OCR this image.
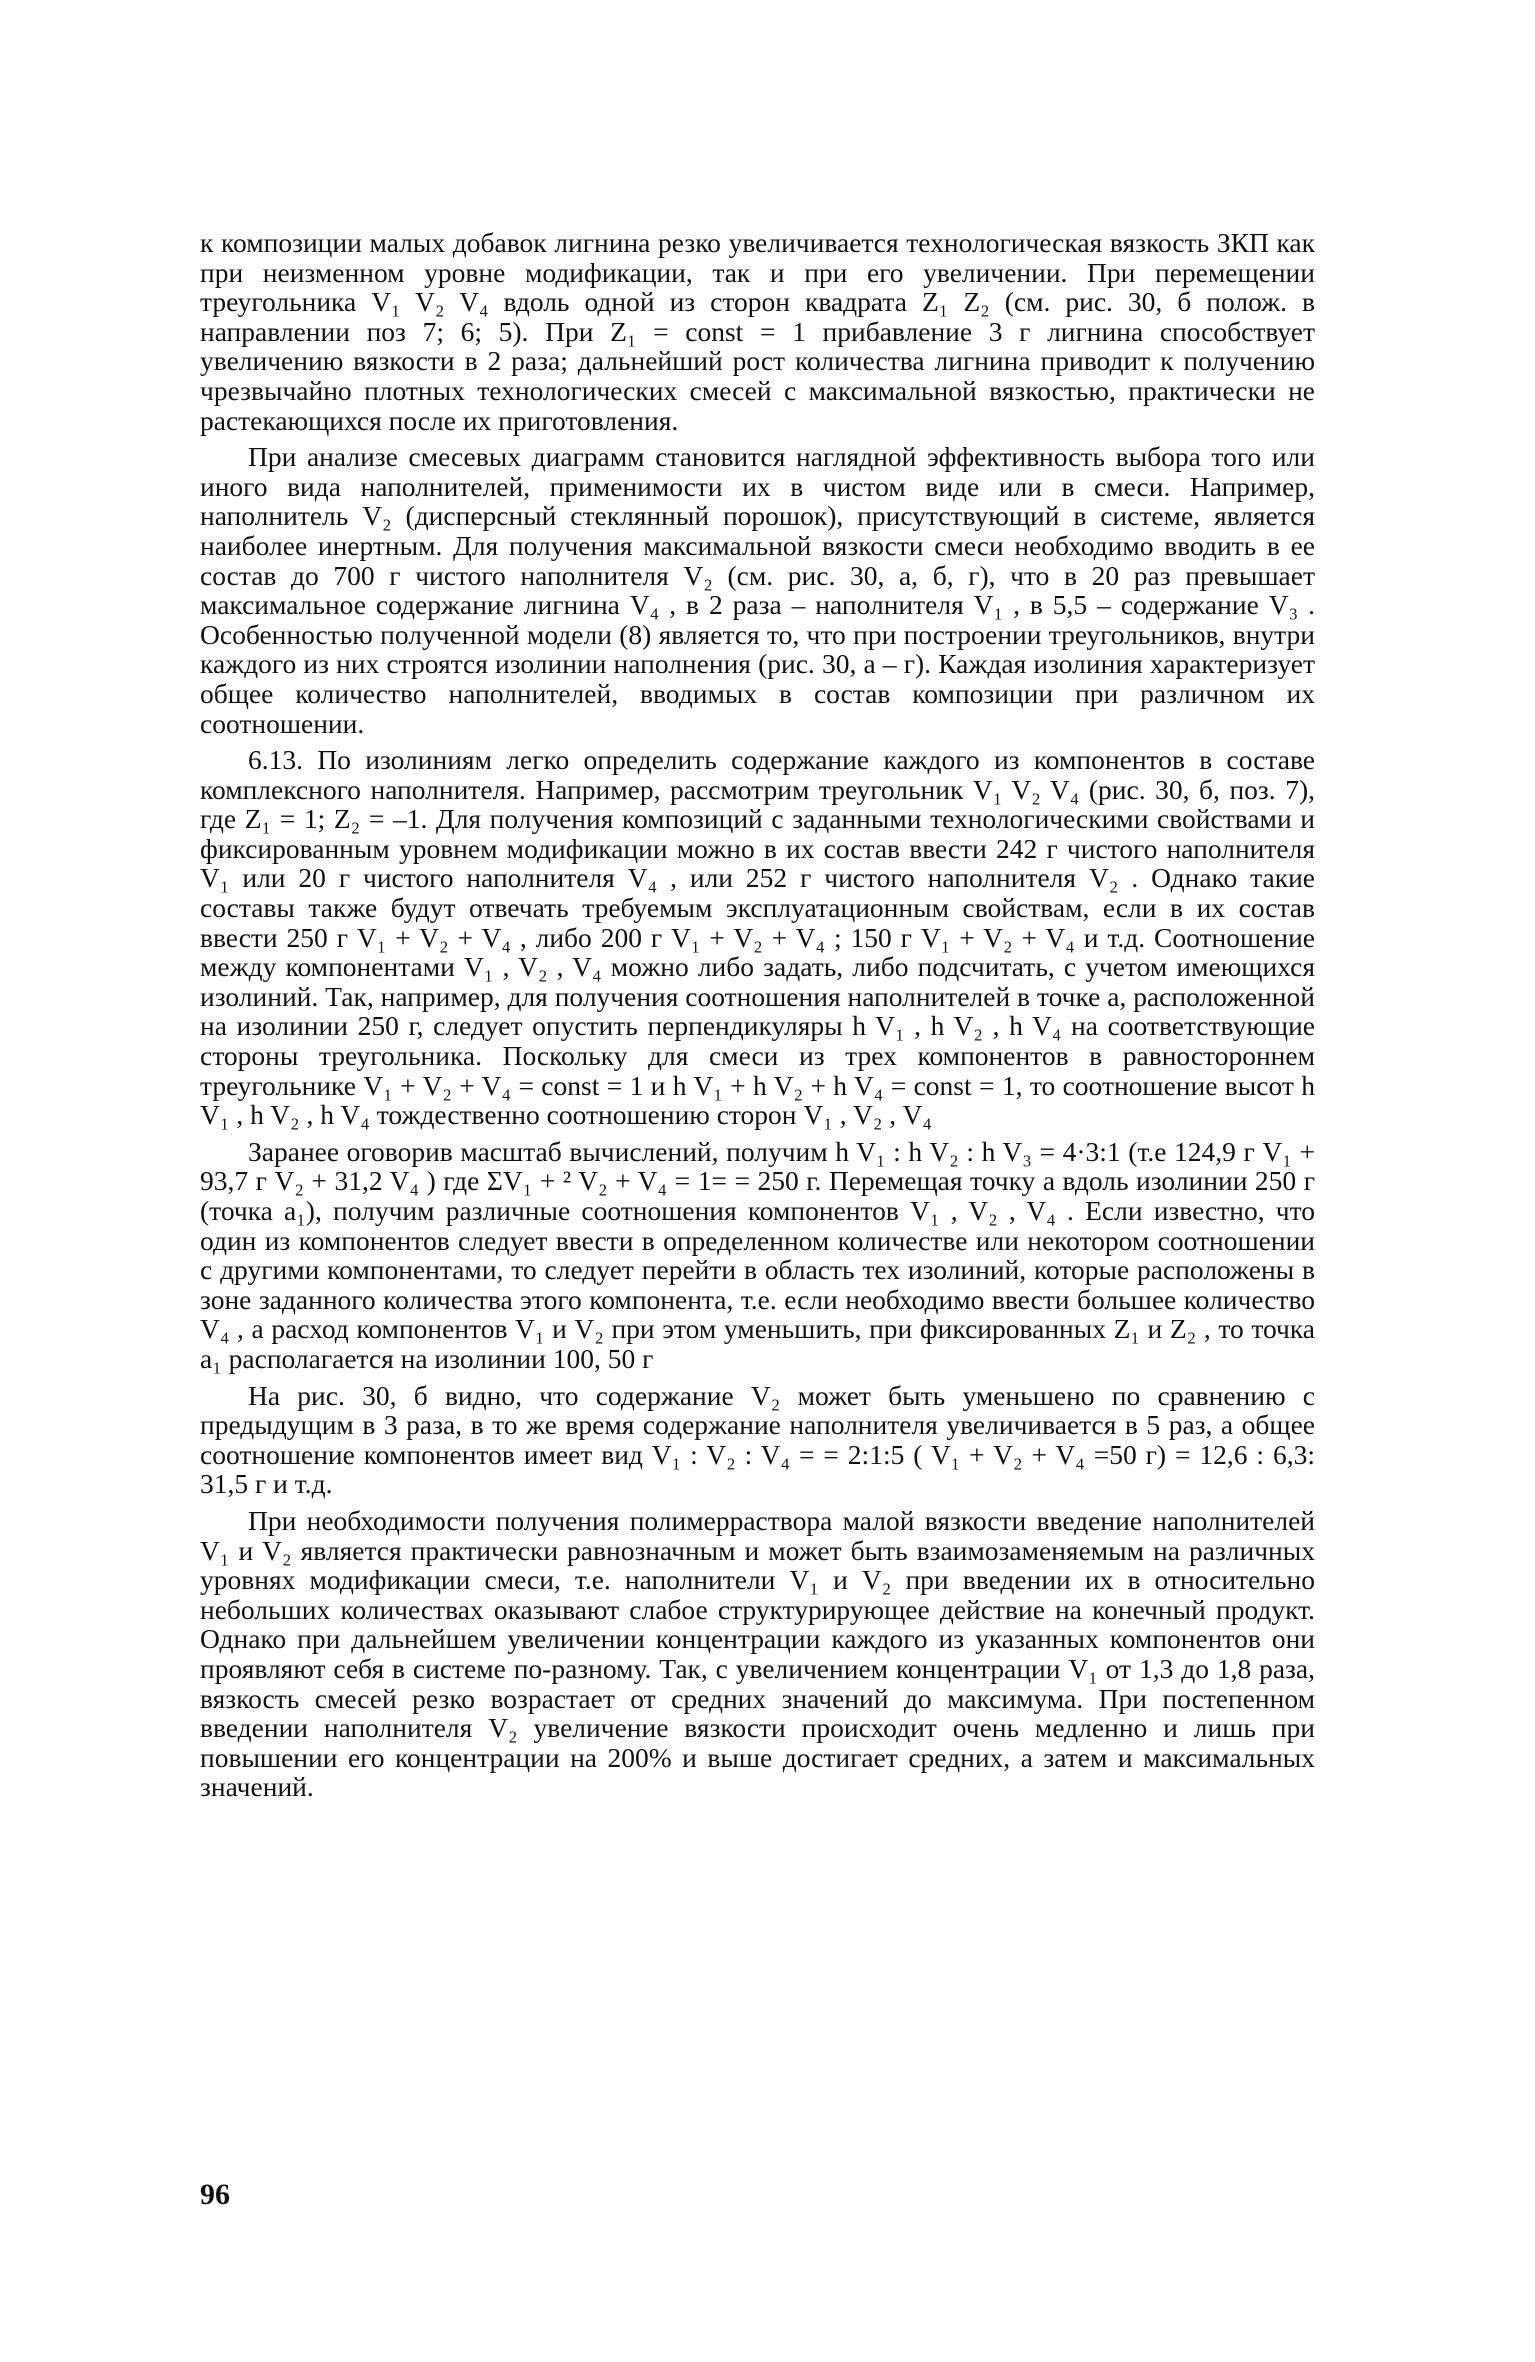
к композиции малых добавок лигнина резко увеличивается технологическая вязкость ЗКП как при неизменном уровне модификации, так и при его увеличении. При перемещении треугольника V₁ V₂ V₄ вдоль одной из сторон квадрата Z₁ Z₂ (см. рис. 30, б полож. в направлении поз 7; 6; 5). При Z₁ = const = 1 прибавление 3 г лигнина способствует увеличению вязкости в 2 раза; дальнейший рост количества лигнина приводит к получению чрезвычайно плотных технологических смесей с максимальной вязкостью, практически не растекающихся после их приготовления.

При анализе смесевых диаграмм становится наглядной эффективность выбора того или иного вида наполнителей, применимости их в чистом виде или в смеси. Например, наполнитель V₂ (дисперсный стеклянный порошок), присутствующий в системе, является наиболее инертным. Для получения максимальной вязкости смеси необходимо вводить в ее состав до 700 г чистого наполнителя V₂ (см. рис. 30, а, б, г), что в 20 раз превышает максимальное содержание лигнина V₄ , в 2 раза – наполнителя V₁ , в 5,5 – содержание V₃ . Особенностью полученной модели (8) является то, что при построении треугольников, внутри каждого из них строятся изолинии наполнения (рис. 30, а – г). Каждая изолиния характеризует общее количество наполнителей, вводимых в состав композиции при различном их соотношении.

6.13. По изолиниям легко определить содержание каждого из компонентов в составе комплексного наполнителя. Например, рассмотрим треугольник V₁ V₂ V₄ (рис. 30, б, поз. 7), где Z₁ = 1; Z₂ = –1. Для получения композиций с заданными технологическими свойствами и фиксированным уровнем модификации можно в их состав ввести 242 г чистого наполнителя V₁ или 20 г чистого наполнителя V₄ , или 252 г чистого наполнителя V₂ . Однако такие составы также будут отвечать требуемым эксплуатационным свойствам, если в их состав ввести 250 г V₁ + V₂ + V₄ , либо 200 г V₁ + V₂ + V₄ ; 150 г V₁ + V₂ + V₄ и т.д. Соотношение между компонентами V₁ , V₂ , V₄ можно либо задать, либо подсчитать, с учетом имеющихся изолиний. Так, например, для получения соотношения наполнителей в точке а, расположенной на изолинии 250 г, следует опустить перпендикуляры h V₁ , h V₂ , h V₄ на соответствующие стороны треугольника. Поскольку для смеси из трех компонентов в равностороннем треугольнике V₁ + V₂ + V₄ = const = 1 и h V₁ + h V₂ + h V₄ = const = 1, то соотношение высот h V₁ , h V₂ , h V₄ тождественно соотношению сторон V₁ , V₂ , V₄

Заранее оговорив масштаб вычислений, получим h V₁ : h V₂ : h V₃ = 4·3:1 (т.е 124,9 г V₁ + 93,7 г V₂ + 31,2 V₄ ) где ΣV₁ + ² V₂ + V₄ = 1= = 250 г. Перемещая точку а вдоль изолинии 250 г (точка а₁), получим различные соотношения компонентов V₁ , V₂ , V₄ . Если известно, что один из компонентов следует ввести в определенном количестве или некотором соотношении с другими компонентами, то следует перейти в область тех изолиний, которые расположены в зоне заданного количества этого компонента, т.е. если необходимо ввести большее количество V₄ , а расход компонентов V₁ и V₂ при этом уменьшить, при фиксированных Z₁ и Z₂ , то точка а₁ располагается на изолинии 100, 50 г

На рис. 30, б видно, что содержание V₂ может быть уменьшено по сравнению с предыдущим в 3 раза, в то же время содержание наполнителя увеличивается в 5 раз, а общее соотношение компонентов имеет вид V₁ : V₂ : V₄ = = 2:1:5 ( V₁ + V₂ + V₄ =50 г) = 12,6 : 6,3: 31,5 г и т.д.

При необходимости получения полимерраствора малой вязкости введение наполнителей V₁ и V₂ является практически равнозначным и может быть взаимозаменяемым на различных уровнях модификации смеси, т.е. наполнители V₁ и V₂ при введении их в относительно небольших количествах оказывают слабое структурирующее действие на конечный продукт. Однако при дальнейшем увеличении концентрации каждого из указанных компонентов они проявляют себя в системе по-разному. Так, с увеличением концентрации V₁ от 1,3 до 1,8 раза, вязкость смесей резко возрастает от средних значений до максимума. При постепенном введении наполнителя V₂ увеличение вязкости происходит очень медленно и лишь при повышении его концентрации на 200% и выше достигает средних, а затем и максимальных значений.

96
